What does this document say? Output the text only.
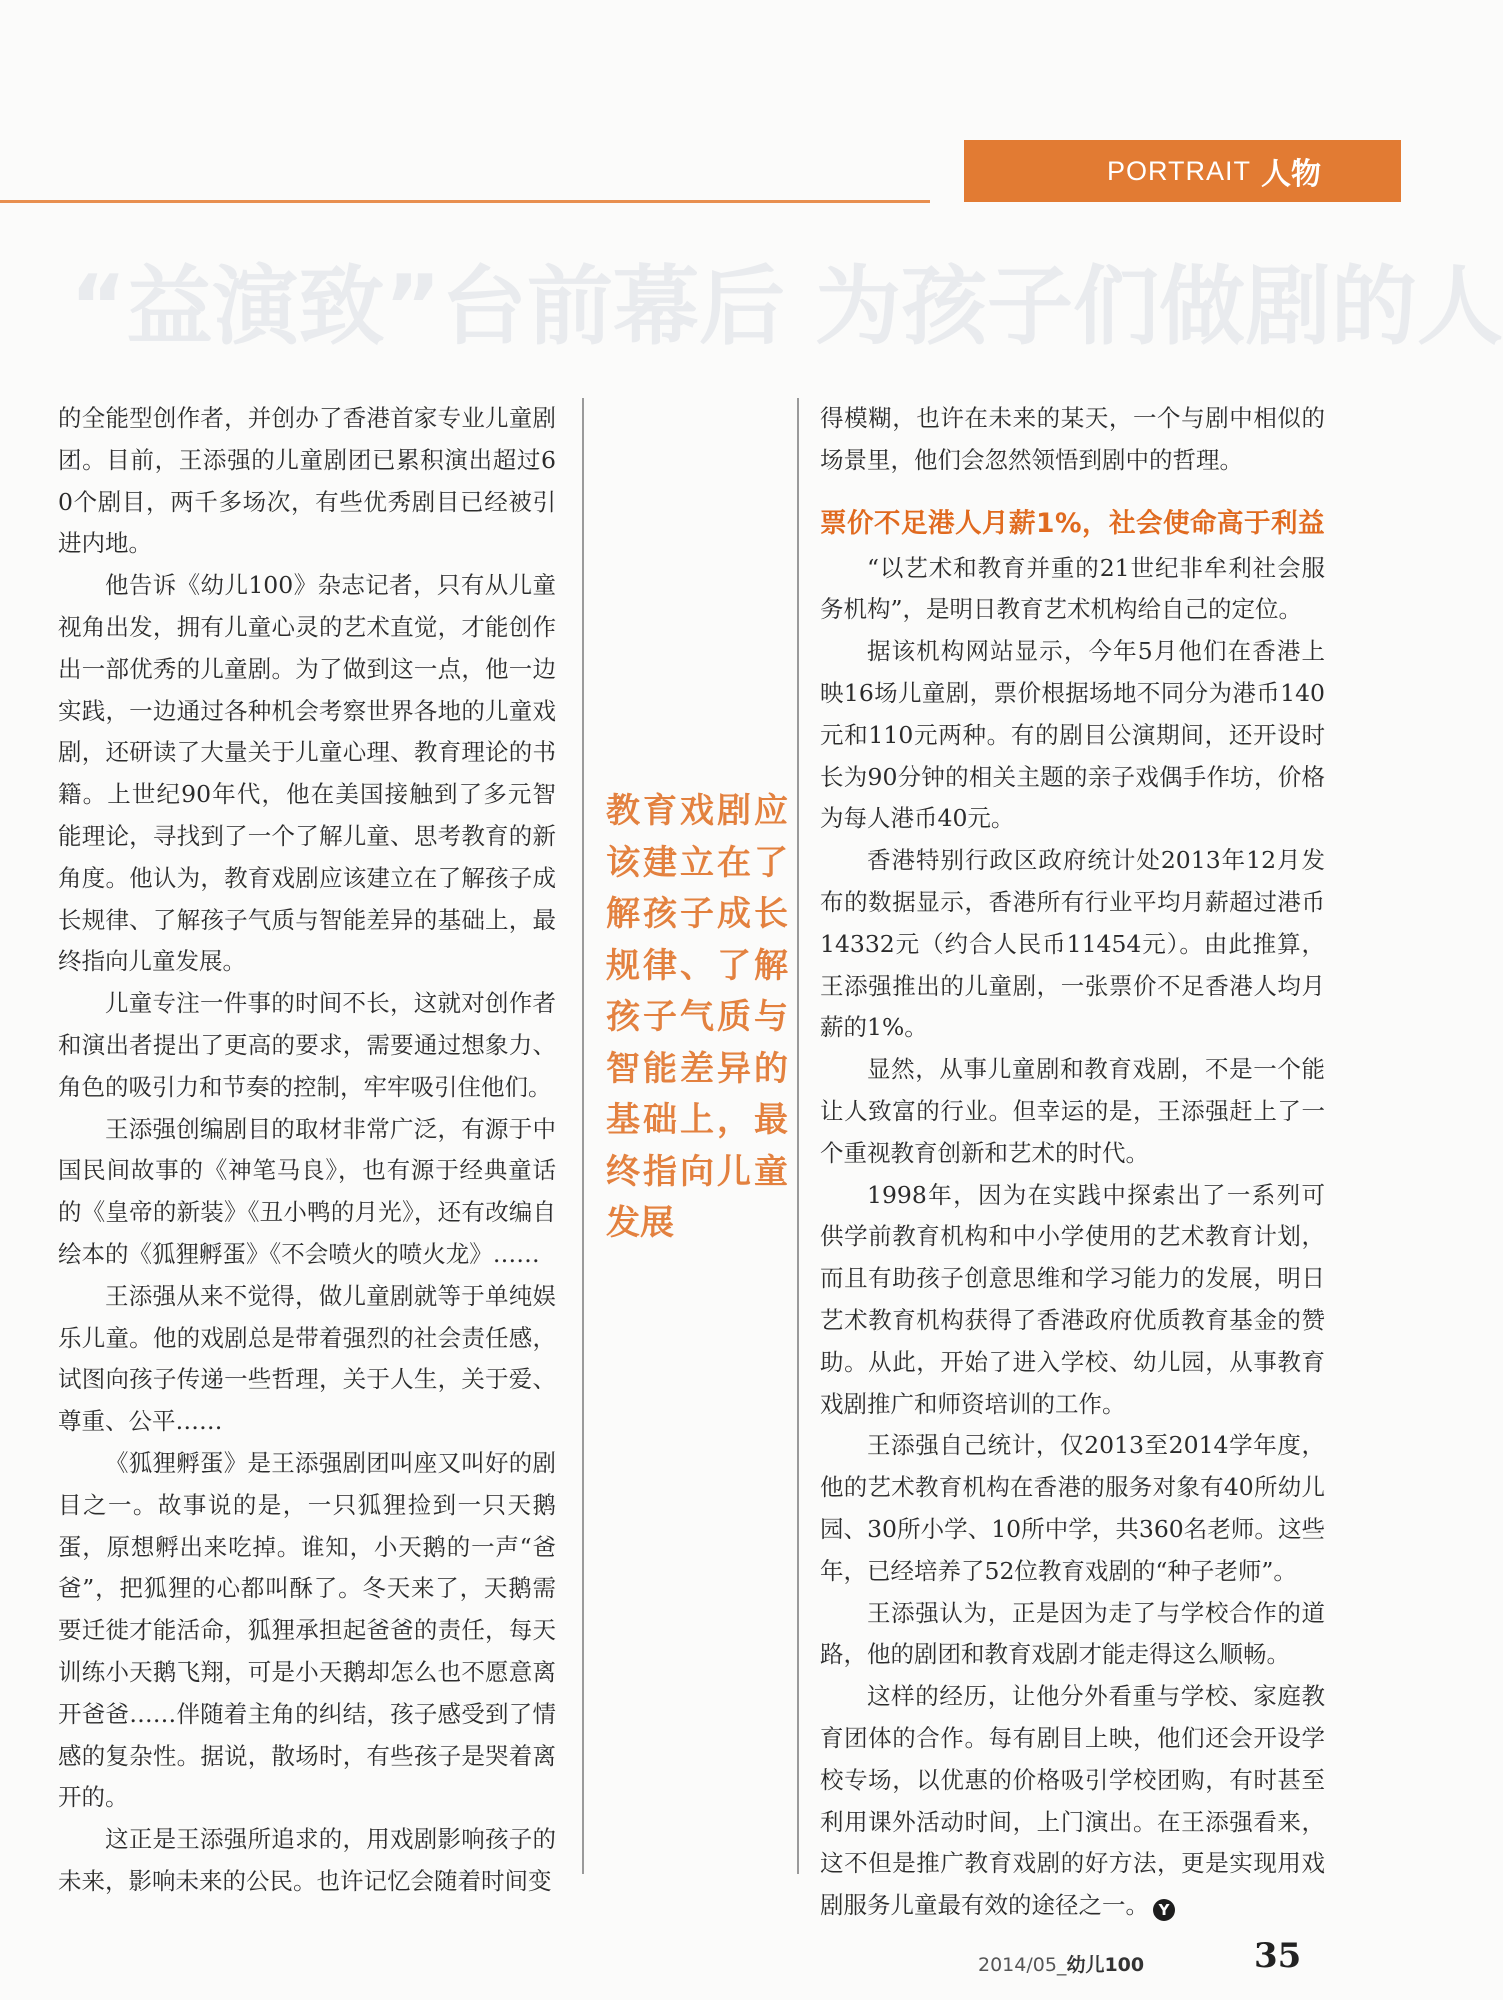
PORTRAIT 人物
“益演致”台前幕后 为孩子们做剧的人

的全能型创作者，并创办了香港首家专业儿童剧团。目前，王添强的儿童剧团已累积演出超过60个剧目，两千多场次，有些优秀剧目已经被引进内地。

他告诉《幼儿100》杂志记者，只有从儿童视角出发，拥有儿童心灵的艺术直觉，才能创作出一部优秀的儿童剧。为了做到这一点，他一边实践，一边通过各种机会考察世界各地的儿童戏剧，还研读了大量关于儿童心理、教育理论的书籍。上世纪90年代，他在美国接触到了多元智能理论，寻找到了一个了解儿童、思考教育的新角度。他认为，教育戏剧应该建立在了解孩子成长规律、了解孩子气质与智能差异的基础上，最终指向儿童发展。

儿童专注一件事的时间不长，这就对创作者和演出者提出了更高的要求，需要通过想象力、角色的吸引力和节奏的控制，牢牢吸引住他们。

王添强创编剧目的取材非常广泛，有源于中国民间故事的《神笔马良》，也有源于经典童话的《皇帝的新装》《丑小鸭的月光》，还有改编自绘本的《狐狸孵蛋》《不会喷火的喷火龙》……

王添强从来不觉得，做儿童剧就等于单纯娱乐儿童。他的戏剧总是带着强烈的社会责任感，试图向孩子传递一些哲理，关于人生，关于爱、尊重、公平……

《狐狸孵蛋》是王添强剧团叫座又叫好的剧目之一。故事说的是，一只狐狸捡到一只天鹅蛋，原想孵出来吃掉。谁知，小天鹅的一声“爸爸”，把狐狸的心都叫酥了。冬天来了，天鹅需要迁徙才能活命，狐狸承担起爸爸的责任，每天训练小天鹅飞翔，可是小天鹅却怎么也不愿意离开爸爸……伴随着主角的纠结，孩子感受到了情感的复杂性。据说，散场时，有些孩子是哭着离开的。

这正是王添强所追求的，用戏剧影响孩子的未来，影响未来的公民。也许记忆会随着时间变

教育戏剧应该建立在了解孩子成长规律、了解孩子气质与智能差异的基础上，最终指向儿童
发展

得模糊，也许在未来的某天，一个与剧中相似的场景里，他们会忽然领悟到剧中的哲理。

票价不足港人月薪1%，社会使命高于利益

“以艺术和教育并重的21世纪非牟利社会服务机构”，是明日教育艺术机构给自己的定位。

据该机构网站显示，今年5月他们在香港上映16场儿童剧，票价根据场地不同分为港币140元和110元两种。有的剧目公演期间，还开设时长为90分钟的相关主题的亲子戏偶手作坊，价格为每人港币40元。

香港特别行政区政府统计处2013年12月发布的数据显示，香港所有行业平均月薪超过港币14332元（约合人民币11454元）。由此推算，王添强推出的儿童剧，一张票价不足香港人均月薪的1%。

显然，从事儿童剧和教育戏剧，不是一个能让人致富的行业。但幸运的是，王添强赶上了一个重视教育创新和艺术的时代。

1998年，因为在实践中探索出了一系列可供学前教育机构和中小学使用的艺术教育计划，而且有助孩子创意思维和学习能力的发展，明日艺术教育机构获得了香港政府优质教育基金的赞助。从此，开始了进入学校、幼儿园，从事教育戏剧推广和师资培训的工作。

王添强自己统计，仅2013至2014学年度，他的艺术教育机构在香港的服务对象有40所幼儿园、30所小学、10所中学，共360名老师。这些年，已经培养了52位教育戏剧的“种子老师”。

王添强认为，正是因为走了与学校合作的道路，他的剧团和教育戏剧才能走得这么顺畅。

这样的经历，让他分外看重与学校、家庭教育团体的合作。每有剧目上映，他们还会开设学校专场，以优惠的价格吸引学校团购，有时甚至利用课外活动时间，上门演出。在王添强看来，这不但是推广教育戏剧的好方法，更是实现用戏剧服务儿童最有效的途径之一。 Y

2014/05_ 幼儿100	35
